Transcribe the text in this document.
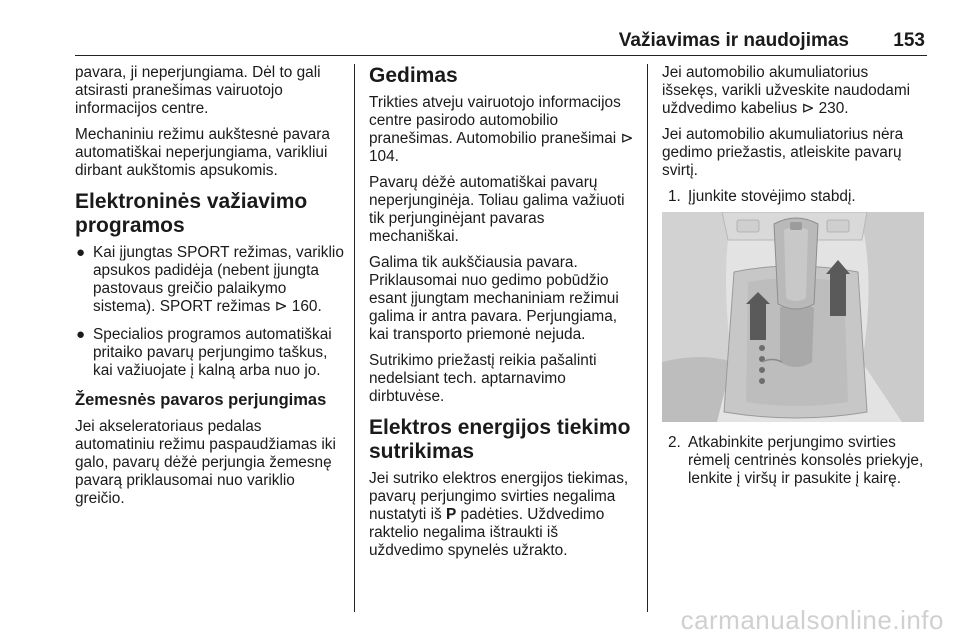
Važiavimas ir naudojimas 153

pavara, ji neperjungiama. Dėl to gali atsirasti pranešimas vairuotojo informacijos centre.

Mechaniniu režimu aukštesnė pavara automatiškai neperjungiama, varikliui dirbant aukštomis apsukomis.

Elektroninės važiavimo programos
● Kai įjungtas SPORT režimas, variklio apsukos padidėja (nebent įjungta pastovaus greičio palaikymo sistema). SPORT režimas ⊳ 160.
● Specialios programos automatiškai pritaiko pavarų perjungimo taškus, kai važiuojate į kalną arba nuo jo.
Žemesnės pavaros perjungimas

Jei akseleratoriaus pedalas automatiniu režimu paspaudžiamas iki galo, pavarų dėžė perjungia žemesnę pavarą priklausomai nuo variklio greičio.

Gedimas

Trikties atveju vairuotojo informacijos centre pasirodo automobilio pranešimas. Automobilio pranešimai ⊳ 104.

Pavarų dėžė automatiškai pavarų neperjunginėja. Toliau galima važiuoti tik perjunginėjant pavaras mechaniškai.

Galima tik aukščiausia pavara. Priklausomai nuo gedimo pobūdžio esant įjungtam mechaniniam režimui galima ir antra pavara. Perjungiama, kai transporto priemonė nejuda.

Sutrikimo priežastį reikia pašalinti nedelsiant tech. aptarnavimo dirbtuvėse.

Elektros energijos tiekimo sutrikimas

Jei sutriko elektros energijos tiekimas, pavarų perjungimo svirties negalima nustatyti iš P padėties. Uždvedimo raktelio negalima ištraukti iš uždvedimo spynelės užrakto.

Jei automobilio akumuliatorius išsekęs, varikli užveskite naudodami uždvedimo kabelius ⊳ 230.

Jei automobilio akumuliatorius nėra gedimo priežastis, atleiskite pavarų svirtį.

1. Įjunkite stovėjimo stabdį.
2. Atkabinkite perjungimo svirties rėmelį centrinės konsolės priekyje, lenkite į viršų ir pasukite į kairę.
carmanualsonline.info
